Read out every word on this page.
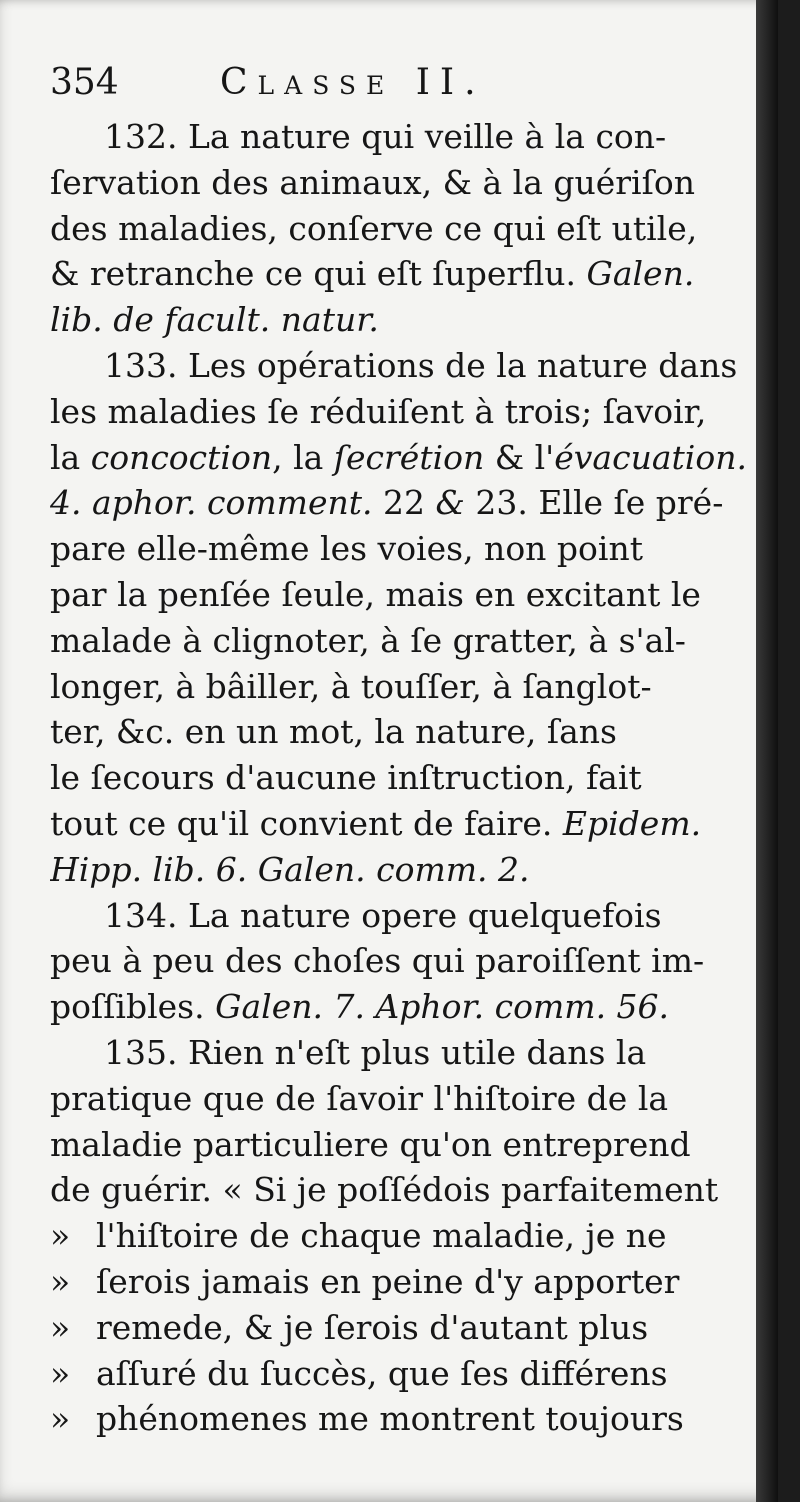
354	Classe II.

132. La nature qui veille à la con-
ſervation des animaux, & à la guériſon
des maladies, conſerve ce qui eſt utile,
& retranche ce qui eſt ſuperflu. Galen.
lib. de facult. natur.

133. Les opérations de la nature dans
les maladies ſe réduiſent à trois; ſavoir,
la concoction, la ſecrétion & l'évacuation.
4. aphor. comment. 22 & 23. Elle ſe pré-
pare elle-même les voies, non point
par la penſée ſeule, mais en excitant le
malade à clignoter, à ſe gratter, à s'al-
longer, à bâiller, à touſſer, à ſanglot-
ter, &c. en un mot, la nature, ſans
le ſecours d'aucune inſtruction, fait
tout ce qu'il convient de faire. Epidem.
Hipp. lib. 6. Galen. comm. 2.

134. La nature opere quelquefois
peu à peu des choſes qui paroiſſent im-
poſſibles. Galen. 7. Aphor. comm. 56.

135. Rien n'eſt plus utile dans la
pratique que de ſavoir l'hiſtoire de la
maladie particuliere qu'on entreprend
de guérir. « Si je poſſédois parfaitement
» l'hiſtoire de chaque maladie, je ne
» ſerois jamais en peine d'y apporter
» remede, & je ſerois d'autant plus
» aſſuré du ſuccès, que ſes différens
» phénomenes me montrent toujours
